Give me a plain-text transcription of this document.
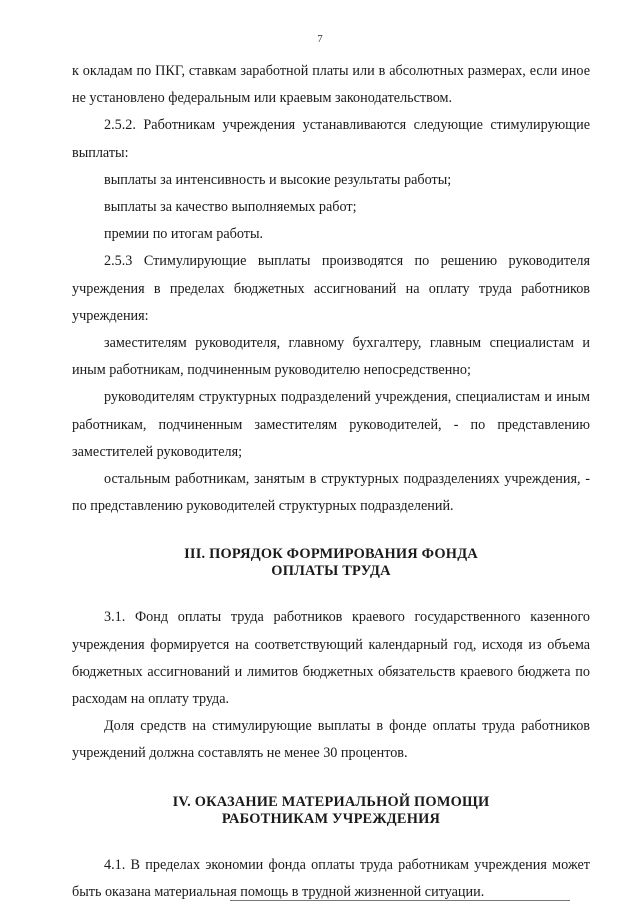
7

к окладам по ПКГ, ставкам заработной платы или в абсолютных размерах, если иное не установлено федеральным или краевым законодательством.

2.5.2. Работникам учреждения устанавливаются следующие стимулирующие выплаты:

выплаты за интенсивность и высокие результаты работы;

выплаты за качество выполняемых работ;

премии по итогам работы.

2.5.3 Стимулирующие выплаты производятся по решению руководителя учреждения в пределах бюджетных ассигнований на оплату труда работников учреждения:

заместителям руководителя, главному бухгалтеру, главным специалистам и иным работникам, подчиненным руководителю непосредственно;

руководителям структурных подразделений учреждения, специалистам и иным работникам, подчиненным заместителям руководителей, - по представлению заместителей руководителя;

остальным работникам, занятым в структурных подразделениях учреждения, - по представлению руководителей структурных подразделений.

III. ПОРЯДОК ФОРМИРОВАНИЯ ФОНДА
ОПЛАТЫ ТРУДА

3.1. Фонд оплаты труда работников краевого государственного казенного учреждения формируется на соответствующий календарный год, исходя из объема бюджетных ассигнований и лимитов бюджетных обязательств краевого бюджета по расходам на оплату труда.

Доля средств на стимулирующие выплаты в фонде оплаты труда работников учреждений должна составлять не менее 30 процентов.

IV. ОКАЗАНИЕ МАТЕРИАЛЬНОЙ ПОМОЩИ
РАБОТНИКАМ УЧРЕЖДЕНИЯ

4.1. В пределах экономии фонда оплаты труда работникам учреждения может быть оказана материальная помощь в трудной жизненной ситуации.
